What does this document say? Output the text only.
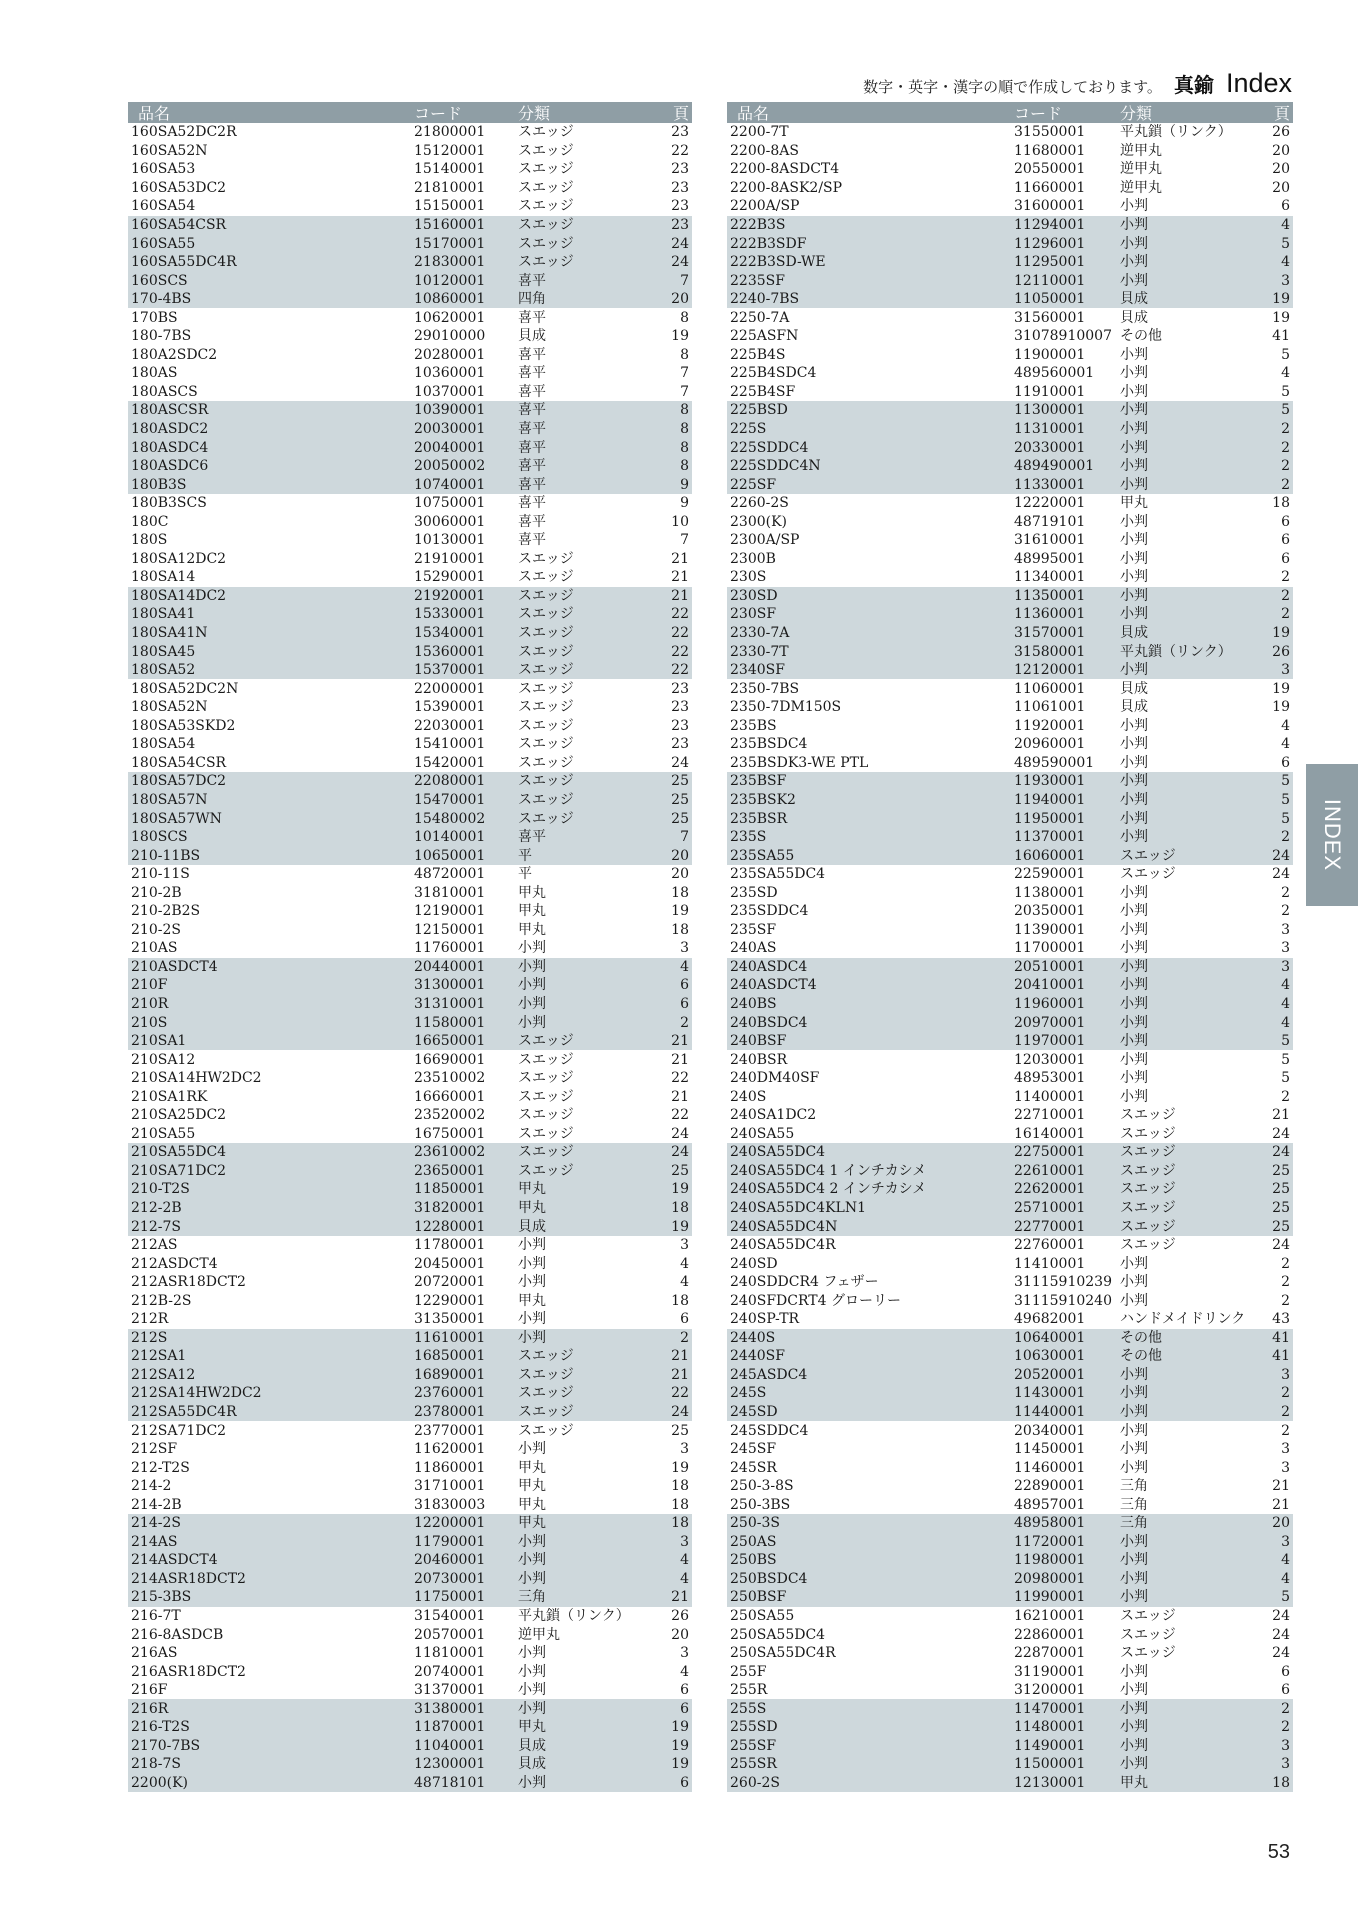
数字・英字・漢字の順で作成しております。 真鍮 Index
品名	コード	分類	頁
160SA52DC2R	21800001	スエッジ	23
160SA52N	15120001	スエッジ	22
160SA53	15140001	スエッジ	23
160SA53DC2	21810001	スエッジ	23
160SA54	15150001	スエッジ	23
160SA54CSR	15160001	スエッジ	23
160SA55	15170001	スエッジ	24
160SA55DC4R	21830001	スエッジ	24
160SCS	10120001	喜平	7
170-4BS	10860001	四角	20
170BS	10620001	喜平	8
180-7BS	29010000	貝成	19
180A2SDC2	20280001	喜平	8
180AS	10360001	喜平	7
180ASCS	10370001	喜平	7
180ASCSR	10390001	喜平	8
180ASDC2	20030001	喜平	8
180ASDC4	20040001	喜平	8
180ASDC6	20050002	喜平	8
180B3S	10740001	喜平	9
180B3SCS	10750001	喜平	9
180C	30060001	喜平	10
180S	10130001	喜平	7
180SA12DC2	21910001	スエッジ	21
180SA14	15290001	スエッジ	21
180SA14DC2	21920001	スエッジ	21
180SA41	15330001	スエッジ	22
180SA41N	15340001	スエッジ	22
180SA45	15360001	スエッジ	22
180SA52	15370001	スエッジ	22
180SA52DC2N	22000001	スエッジ	23
180SA52N	15390001	スエッジ	23
180SA53SKD2	22030001	スエッジ	23
180SA54	15410001	スエッジ	23
180SA54CSR	15420001	スエッジ	24
180SA57DC2	22080001	スエッジ	25
180SA57N	15470001	スエッジ	25
180SA57WN	15480002	スエッジ	25
180SCS	10140001	喜平	7
210-11BS	10650001	平	20
210-11S	48720001	平	20
210-2B	31810001	甲丸	18
210-2B2S	12190001	甲丸	19
210-2S	12150001	甲丸	18
210AS	11760001	小判	3
210ASDCT4	20440001	小判	4
210F	31300001	小判	6
210R	31310001	小判	6
210S	11580001	小判	2
210SA1	16650001	スエッジ	21
210SA12	16690001	スエッジ	21
210SA14HW2DC2	23510002	スエッジ	22
210SA1RK	16660001	スエッジ	21
210SA25DC2	23520002	スエッジ	22
210SA55	16750001	スエッジ	24
210SA55DC4	23610002	スエッジ	24
210SA71DC2	23650001	スエッジ	25
210-T2S	11850001	甲丸	19
212-2B	31820001	甲丸	18
212-7S	12280001	貝成	19
212AS	11780001	小判	3
212ASDCT4	20450001	小判	4
212ASR18DCT2	20720001	小判	4
212B-2S	12290001	甲丸	18
212R	31350001	小判	6
212S	11610001	小判	2
212SA1	16850001	スエッジ	21
212SA12	16890001	スエッジ	21
212SA14HW2DC2	23760001	スエッジ	22
212SA55DC4R	23780001	スエッジ	24
212SA71DC2	23770001	スエッジ	25
212SF	11620001	小判	3
212-T2S	11860001	甲丸	19
214-2	31710001	甲丸	18
214-2B	31830003	甲丸	18
214-2S	12200001	甲丸	18
214AS	11790001	小判	3
214ASDCT4	20460001	小判	4
214ASR18DCT2	20730001	小判	4
215-3BS	11750001	三角	21
216-7T	31540001	平丸鎖（リンク）	26
216-8ASDCB	20570001	逆甲丸	20
216AS	11810001	小判	3
216ASR18DCT2	20740001	小判	4
216F	31370001	小判	6
216R	31380001	小判	6
216-T2S	11870001	甲丸	19
2170-7BS	11040001	貝成	19
218-7S	12300001	貝成	19
2200(K)	48718101	小判	6
品名	コード	分類	頁
2200-7T	31550001	平丸鎖（リンク）	26
2200-8AS	11680001	逆甲丸	20
2200-8ASDCT4	20550001	逆甲丸	20
2200-8ASK2/SP	11660001	逆甲丸	20
2200A/SP	31600001	小判	6
222B3S	11294001	小判	4
222B3SDF	11296001	小判	5
222B3SD-WE	11295001	小判	4
2235SF	12110001	小判	3
2240-7BS	11050001	貝成	19
2250-7A	31560001	貝成	19
225ASFN	31078910007 その他	41
225B4S	11900001	小判	5
225B4SDC4	489560001	小判	4
225B4SF	11910001	小判	5
225BSD	11300001	小判	5
225S	11310001	小判	2
225SDDC4	20330001	小判	2
225SDDC4N	489490001	小判	2
225SF	11330001	小判	2
2260-2S	12220001	甲丸	18
2300(K)	48719101	小判	6
2300A/SP	31610001	小判	6
2300B	48995001	小判	6
230S	11340001	小判	2
230SD	11350001	小判	2
230SF	11360001	小判	2
2330-7A	31570001	貝成	19
2330-7T	31580001	平丸鎖（リンク）	26
2340SF	12120001	小判	3
2350-7BS	11060001	貝成	19
2350-7DM150S	11061001	貝成	19
235BS	11920001	小判	4
235BSDC4	20960001	小判	4
235BSDK3-WE PTL	489590001	小判	6
235BSF	11930001	小判	5
235BSK2	11940001	小判	5
235BSR	11950001	小判	5
235S	11370001	小判	2
235SA55	16060001	スエッジ	24
235SA55DC4	22590001	スエッジ	24
235SD	11380001	小判	2
235SDDC4	20350001	小判	2
235SF	11390001	小判	3
240AS	11700001	小判	3
240ASDC4	20510001	小判	3
240ASDCT4	20410001	小判	4
240BS	11960001	小判	4
240BSDC4	20970001	小判	4
240BSF	11970001	小判	5
240BSR	12030001	小判	5
240DM40SF	48953001	小判	5
240S	11400001	小判	2
240SA1DC2	22710001	スエッジ	21
240SA55	16140001	スエッジ	24
240SA55DC4	22750001	スエッジ	24
240SA55DC4 1 インチカシメ	22610001	スエッジ	25
240SA55DC4 2 インチカシメ	22620001	スエッジ	25
240SA55DC4KLN1	25710001	スエッジ	25
240SA55DC4N	22770001	スエッジ	25
240SA55DC4R	22760001	スエッジ	24
240SD	11410001	小判	2
240SDDCR4 フェザー	31115910239 小判	2
240SFDCRT4 グローリー	31115910240 小判	2
240SP-TR	49682001	ハンドメイドリンク	43
2440S	10640001	その他	41
2440SF	10630001	その他	41
245ASDC4	20520001	小判	3
245S	11430001	小判	2
245SD	11440001	小判	2
245SDDC4	20340001	小判	2
245SF	11450001	小判	3
245SR	11460001	小判	3
250-3-8S	22890001	三角	21
250-3BS	48957001	三角	21
250-3S	48958001	三角	20
250AS	11720001	小判	3
250BS	11980001	小判	4
250BSDC4	20980001	小判	4
250BSF	11990001	小判	5
250SA55	16210001	スエッジ	24
250SA55DC4	22860001	スエッジ	24
250SA55DC4R	22870001	スエッジ	24
255F	31190001	小判	6
255R	31200001	小判	6
255S	11470001	小判	2
255SD	11480001	小判	2
255SF	11490001	小判	3
255SR	11500001	小判	3
260-2S	12130001	甲丸	18
INDEX
53
